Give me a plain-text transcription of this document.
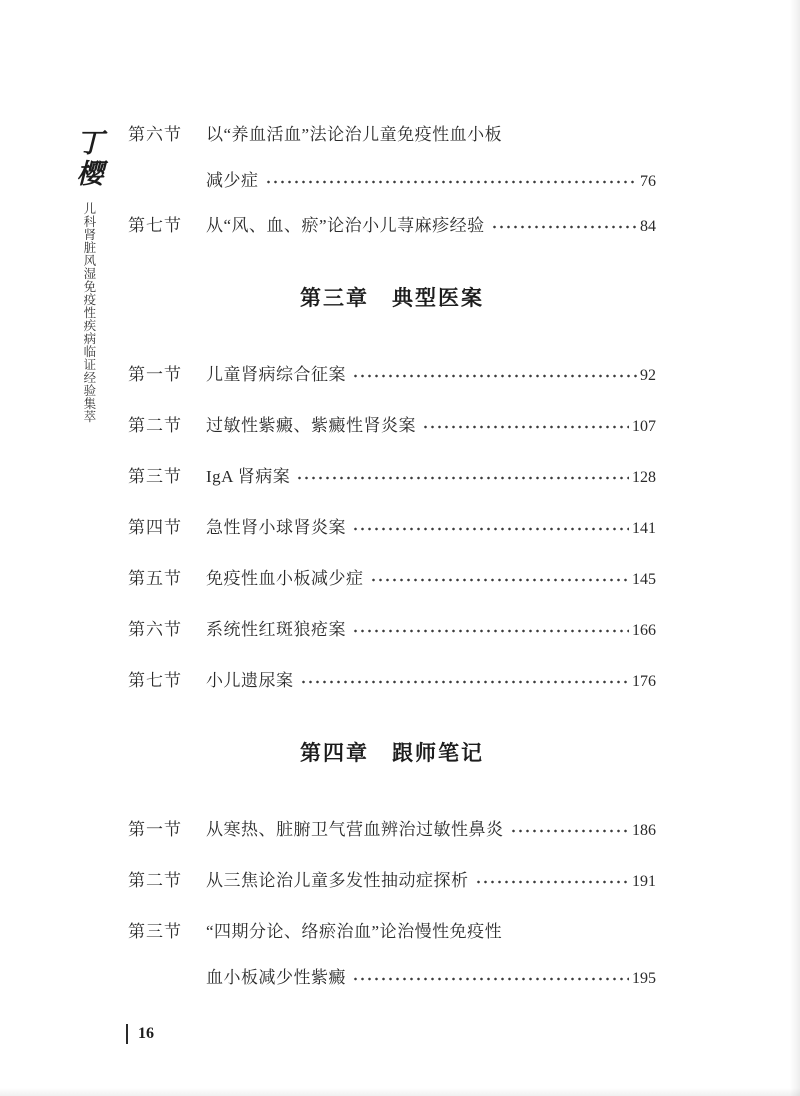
丁樱
儿科肾脏风湿免疫性疾病临证经验集萃
第六节	以“养血活血”法论治儿童免疫性血小板
减少症	76
第七节	从“风、血、瘀”论治小儿荨麻疹经验	84
第三章　典型医案
第一节	儿童肾病综合征案	92
第二节	过敏性紫癜、紫癜性肾炎案	107
第三节	IgA 肾病案	128
第四节	急性肾小球肾炎案	141
第五节	免疫性血小板减少症	145
第六节	系统性红斑狼疮案	166
第七节	小儿遗尿案	176
第四章　跟师笔记
第一节	从寒热、脏腑卫气营血辨治过敏性鼻炎	186
第二节	从三焦论治儿童多发性抽动症探析	191
第三节	“四期分论、络瘀治血”论治慢性免疫性
血小板减少性紫癜	195
16
